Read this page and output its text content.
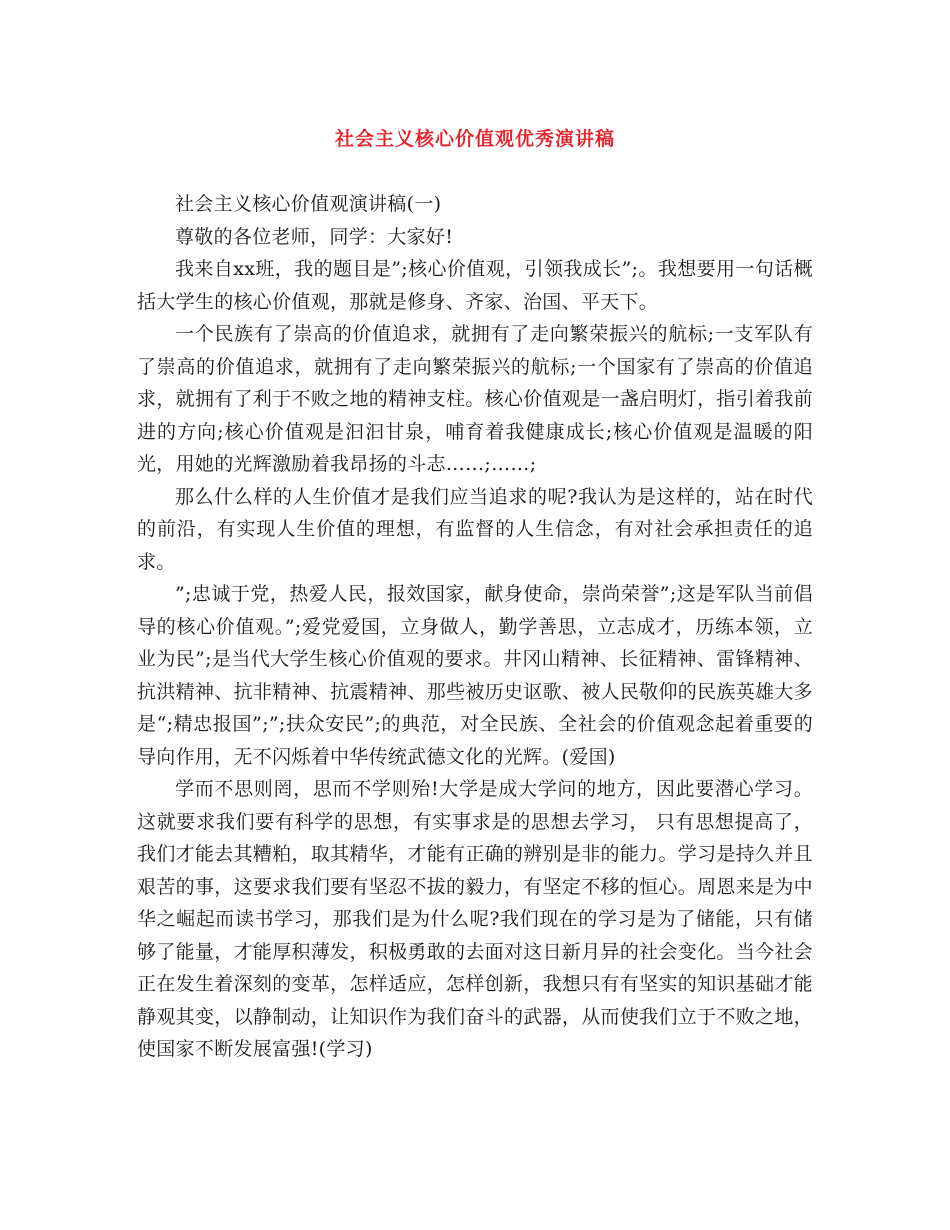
社会主义核心价值观优秀演讲稿

社会主义核心价值观演讲稿(一)

尊敬的各位老师，同学：大家好!

我来自xx班，我的题目是”;核心价值观，引领我成长”;。我想要用一句话概括大学生的核心价值观，那就是修身、齐家、治国、平天下。

一个民族有了崇高的价值追求，就拥有了走向繁荣振兴的航标;一支军队有了崇高的价值追求，就拥有了走向繁荣振兴的航标;一个国家有了崇高的价值追求，就拥有了利于不败之地的精神支柱。核心价值观是一盏启明灯，指引着我前进的方向;核心价值观是汩汩甘泉，哺育着我健康成长;核心价值观是温暖的阳光，用她的光辉激励着我昂扬的斗志……;……;

那么什么样的人生价值才是我们应当追求的呢?我认为是这样的，站在时代的前沿，有实现人生价值的理想，有监督的人生信念，有对社会承担责任的追求。

”;忠诚于党，热爱人民，报效国家，献身使命，崇尚荣誉”;这是军队当前倡导的核心价值观。”;爱党爱国，立身做人，勤学善思，立志成才，历练本领，立业为民”;是当代大学生核心价值观的要求。井冈山精神、长征精神、雷锋精神、抗洪精神、抗非精神、抗震精神、那些被历史讴歌、被人民敬仰的民族英雄大多是“;精忠报国”;”;扶众安民”;的典范，对全民族、全社会的价值观念起着重要的导向作用，无不闪烁着中华传统武德文化的光辉。(爱国)

学而不思则罔，思而不学则殆!大学是成大学问的地方，因此要潜心学习。这就要求我们要有科学的思想，有实事求是的思想去学习， 只有思想提高了，我们才能去其糟粕，取其精华，才能有正确的辨别是非的能力。学习是持久并且艰苦的事，这要求我们要有坚忍不拔的毅力，有坚定不移的恒心。周恩来是为中华之崛起而读书学习，那我们是为什么呢?我们现在的学习是为了储能，只有储够了能量，才能厚积薄发，积极勇敢的去面对这日新月异的社会变化。当今社会正在发生着深刻的变革，怎样适应，怎样创新，我想只有有坚实的知识基础才能静观其变，以静制动，让知识作为我们奋斗的武器，从而使我们立于不败之地，使国家不断发展富强!(学习)
